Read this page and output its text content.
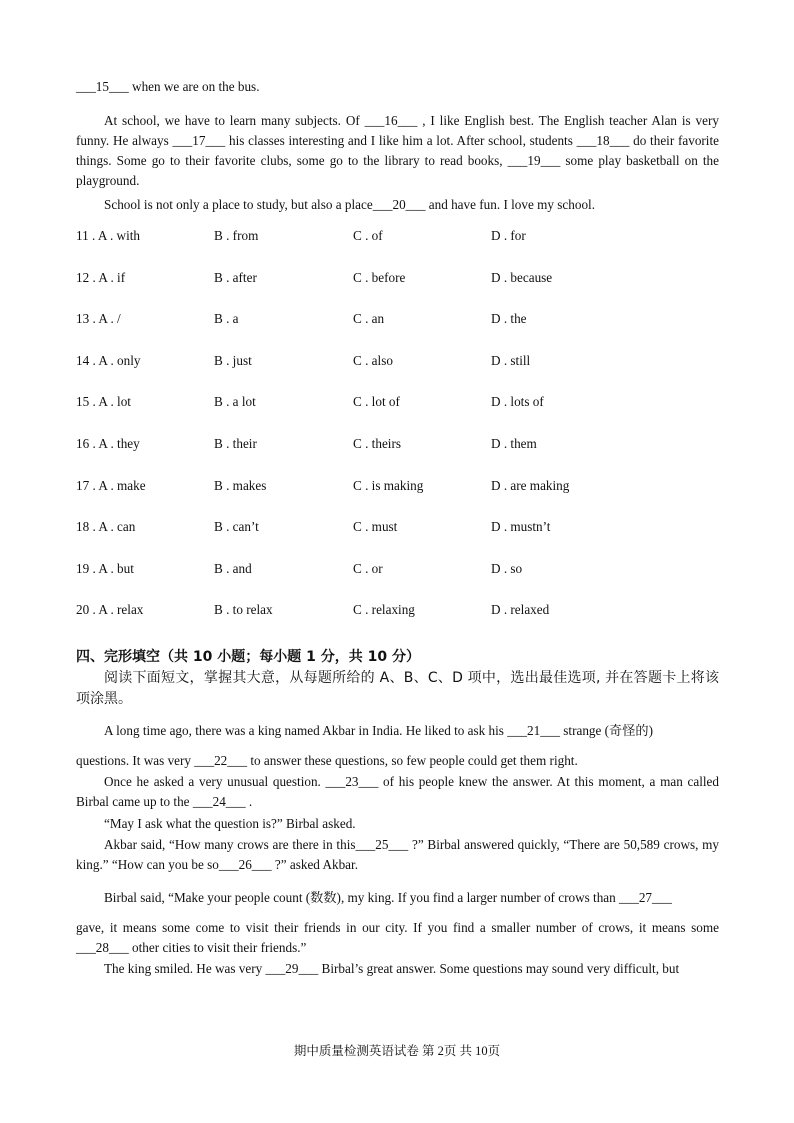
___15___ when we are on the bus.

At school, we have to learn many subjects. Of ___16___ , I like English best. The English teacher Alan is very funny. He always ___17___ his classes interesting and I like him a lot. After school, students ___18___ do their favorite things. Some go to their favorite clubs, some go to the library to read books, ___19___ some play basketball on the playground.

School is not only a place to study, but also a place___20___ and have fun. I love my school.

11 . A . with	B . from	C . of	D . for
12 . A . if	B . after	C . before	D . because
13 . A . /	B . a	C . an	D . the
14 . A . only	B . just	C . also	D . still
15 . A . lot	B . a lot	C . lot of	D . lots of
16 . A . they	B . their	C . theirs	D . them
17 . A . make	B . makes	C . is making	D . are making
18 . A . can	B . can’t	C . must	D . mustn’t
19 . A . but	B . and	C . or	D . so
20 . A . relax	B . to relax	C . relaxing	D . relaxed
四、完形填空（共 10 小题；每小题 1 分，共 10 分）

阅读下面短文，掌握其大意，从每题所给的 A、B、C、D 项中，选出最佳选项, 并在答题卡上将该项涂黑。

A long time ago, there was a king named Akbar in India. He liked to ask his ___21___ strange (奇怪的)

questions. It was very ___22___ to answer these questions, so few people could get them right.

Once he asked a very unusual question. ___23___ of his people knew the answer. At this moment, a man called Birbal came up to the ___24___ .

“May I ask what the question is?” Birbal asked.

Akbar said, “How many crows are there in this___25___ ?” Birbal answered quickly, “There are 50,589 crows, my king.” “How can you be so___26___ ?” asked Akbar.

Birbal said, “Make your people count (数数), my king. If you find a larger number of crows than ___27___

gave, it means some come to visit their friends in our city. If you find a smaller number of crows, it means some ___28___ other cities to visit their friends.”

The king smiled. He was very ___29___ Birbal’s great answer. Some questions may sound very difficult, but

期中质量检测英语试卷 第 2页 共 10页
